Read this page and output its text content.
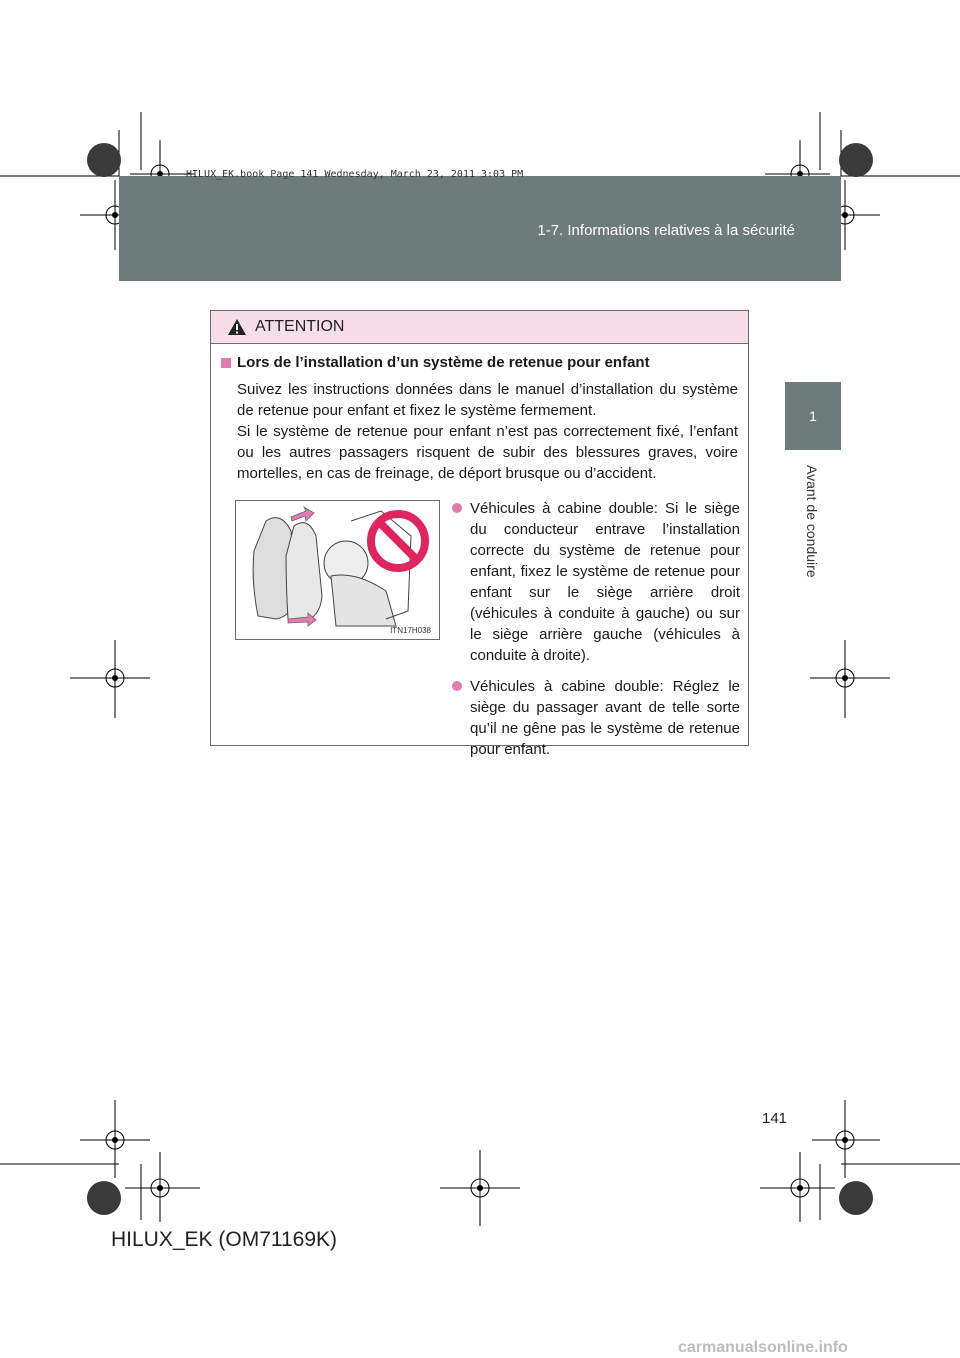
1-7. Informations relatives à la sécurité
HILUX_EK.book Page 141 Wednesday, March 23, 2011 3:03 PM
1
Avant de conduire
ATTENTION
Lors de l’installation d’un système de retenue pour enfant
Suivez les instructions données dans le manuel d’installation du système de retenue pour enfant et fixez le système fermement.
Si le système de retenue pour enfant n’est pas correctement fixé, l’enfant ou les autres passagers risquent de subir des blessures graves, voire mortelles, en cas de freinage, de déport brusque ou d’accident.
ITN17H038
Véhicules à cabine double: Si le siège du conducteur entrave l’installation correcte du système de retenue pour enfant, fixez le système de retenue pour enfant sur le siège arrière droit (véhicules à conduite à gauche) ou sur le siège arrière gauche (véhicules à conduite à droite).
Véhicules à cabine double: Réglez le siège du passager avant de telle sorte qu’il ne gêne pas le système de retenue pour enfant.
141
HILUX_EK (OM71169K)
carmanualsonline.info
